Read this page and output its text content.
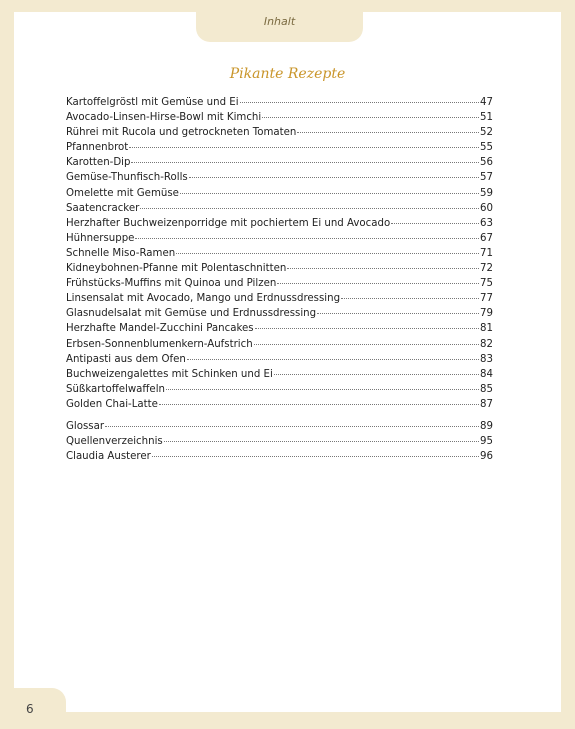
Inhalt
Pikante Rezepte
Kartoffelgröstl mit Gemüse und Ei	47
Avocado-Linsen-Hirse-Bowl mit Kimchi	51
Rührei mit Rucola und getrockneten Tomaten	52
Pfannenbrot	55
Karotten-Dip	56
Gemüse-Thunfisch-Rolls	57
Omelette mit Gemüse	59
Saatencracker	60
Herzhafter Buchweizenporridge mit pochiertem Ei und Avocado	63
Hühnersuppe	67
Schnelle Miso-Ramen	71
Kidneybohnen-Pfanne mit Polentaschnitten	72
Frühstücks-Muffins mit Quinoa und Pilzen	75
Linsensalat mit Avocado, Mango und Erdnussdressing	77
Glasnudelsalat mit Gemüse und Erdnussdressing	79
Herzhafte Mandel-Zucchini Pancakes	81
Erbsen-Sonnenblumenkern-Aufstrich	82
Antipasti aus dem Ofen	83
Buchweizengalettes mit Schinken und Ei	84
Süßkartoffelwaffeln	85
Golden Chai-Latte	87
Glossar	89
Quellenverzeichnis	95
Claudia Austerer	96
6
